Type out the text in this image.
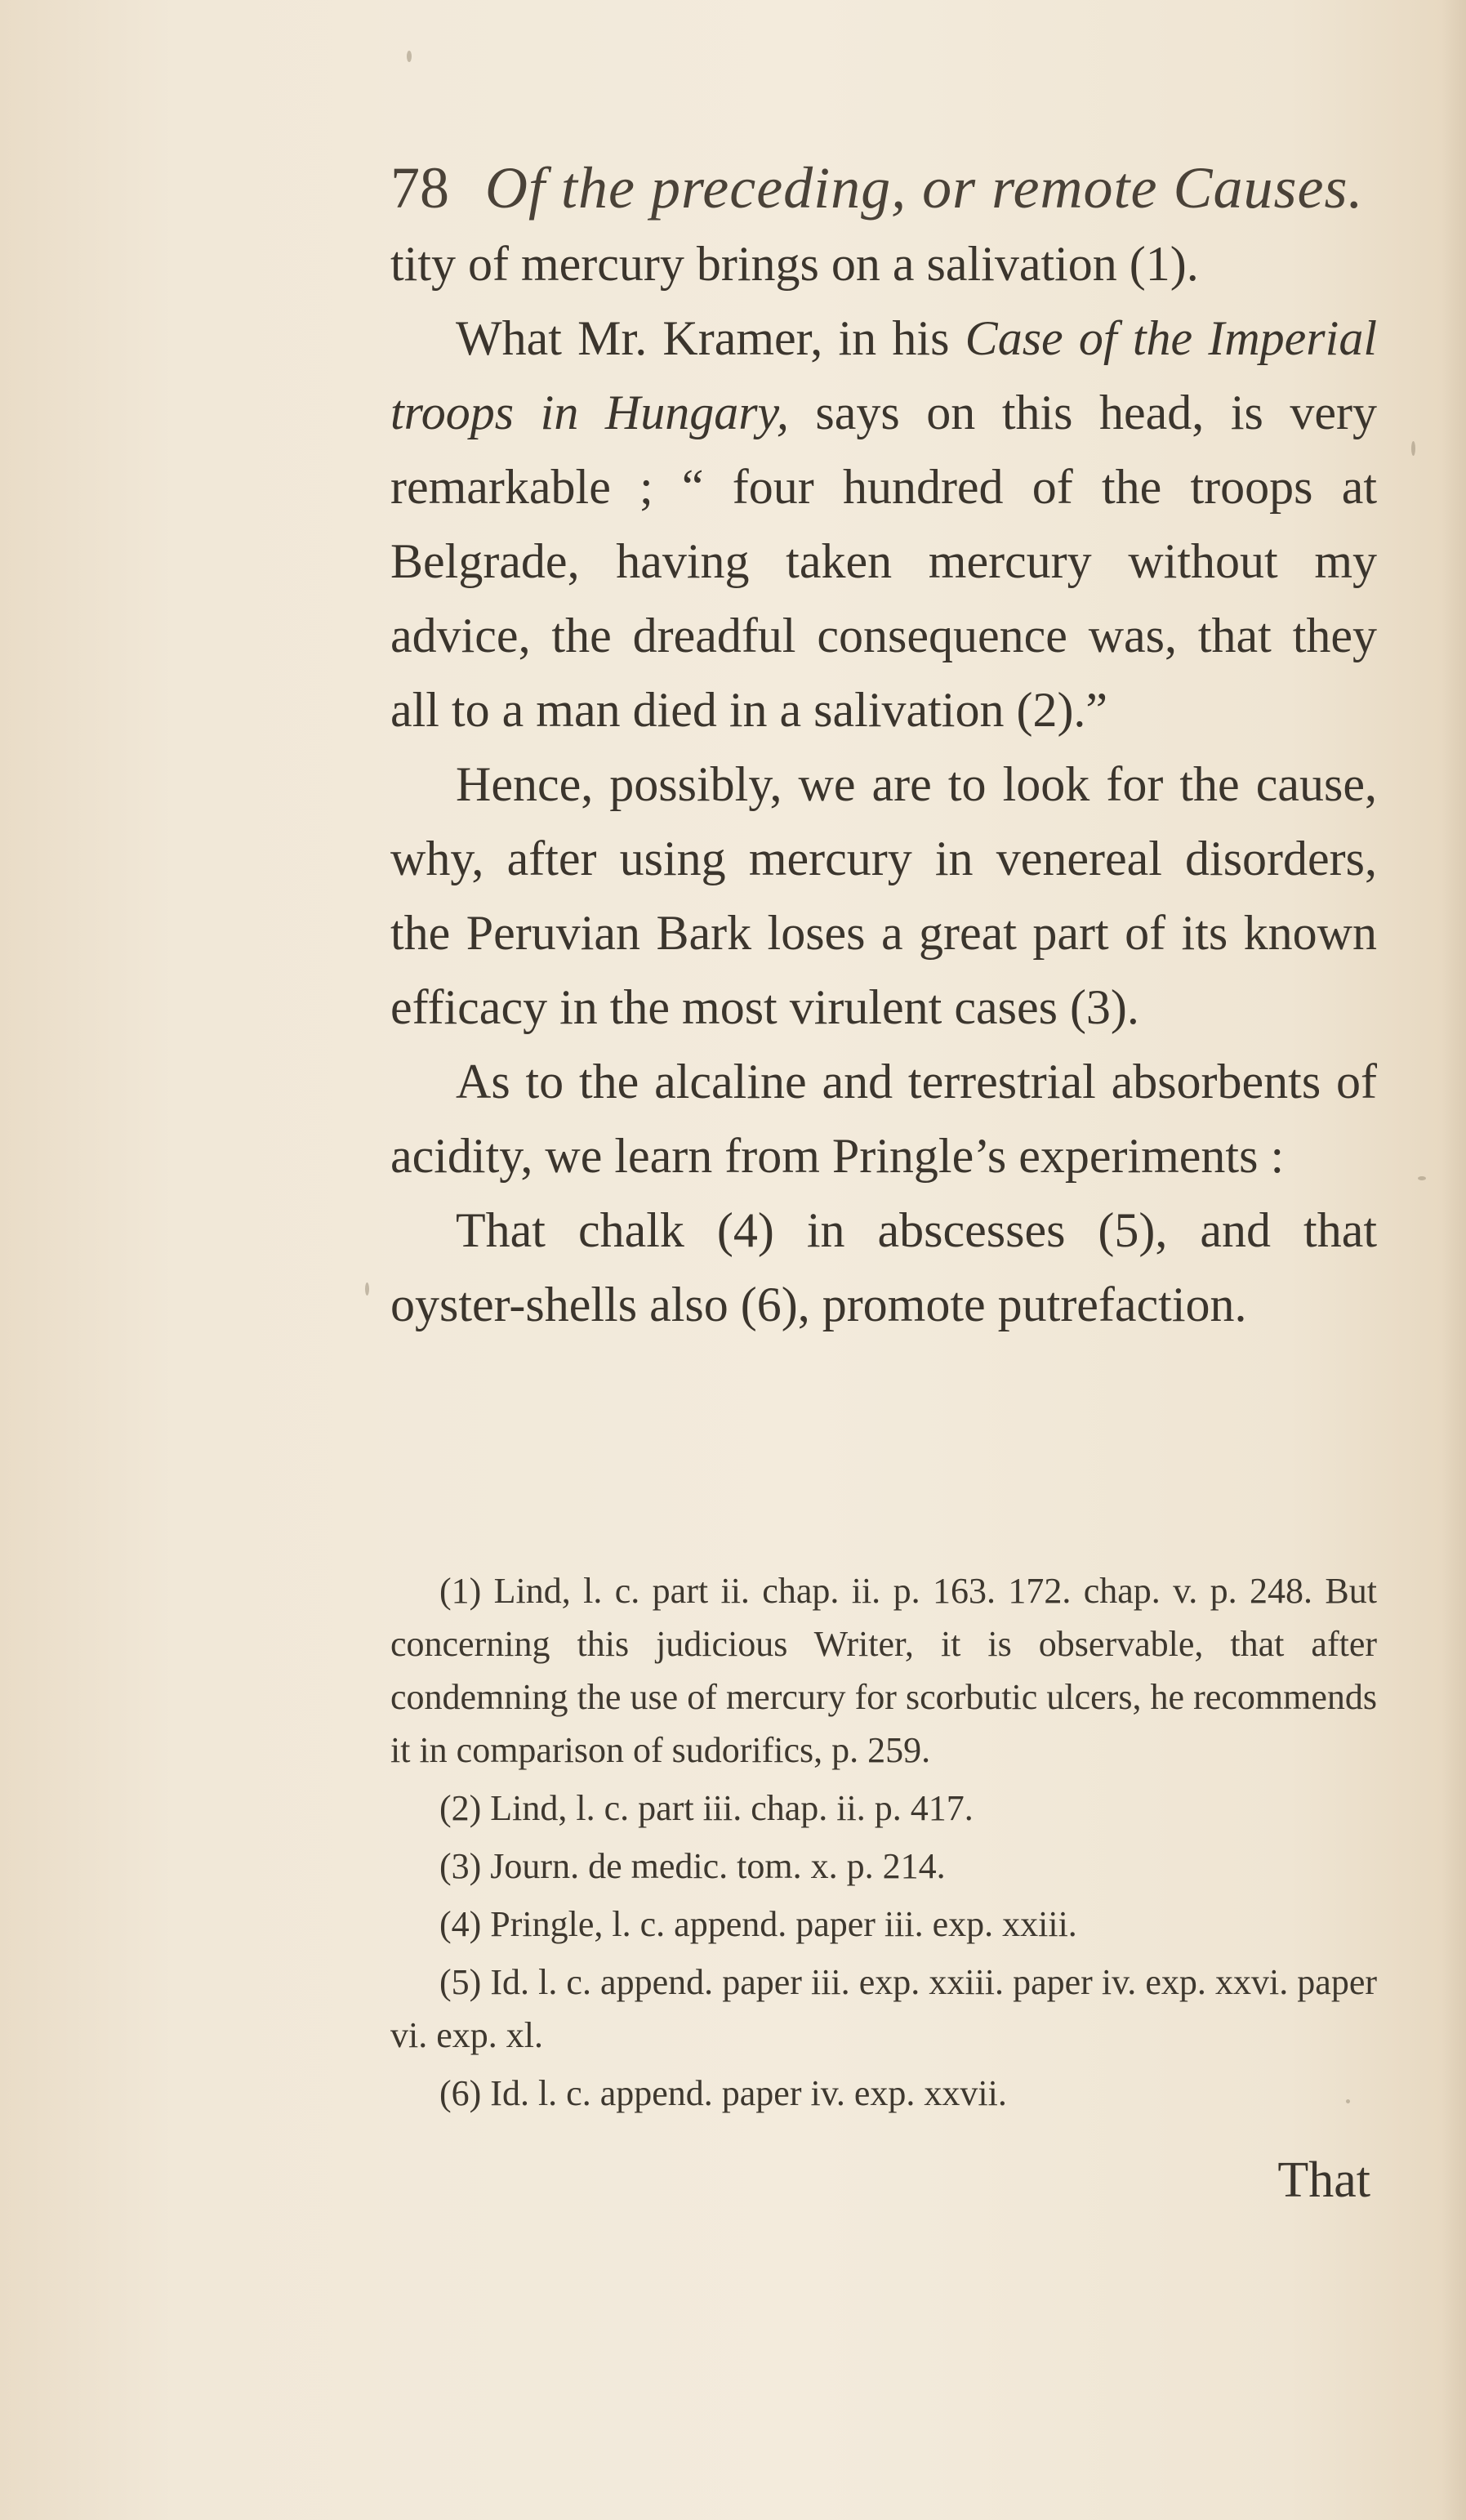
78 Of the preceding, or remote Causes.

tity of mercury brings on a salivation (1).

What Mr. Kramer, in his Case of the Imperial troops in Hungary, says on this head, is very remarkable ; “ four hundred of the troops at Belgrade, having taken mercury without my advice, the dreadful consequence was, that they all to a man died in a salivation (2).”

Hence, possibly, we are to look for the cause, why, after using mercury in venereal disorders, the Peruvian Bark loses a great part of its known efficacy in the most virulent cases (3).

As to the alcaline and terrestrial absorbents of acidity, we learn from Pringle’s experiments :

That chalk (4) in abscesses (5), and that oyster-shells also (6), promote putrefaction.

(1) Lind, l. c. part ii. chap. ii. p. 163. 172. chap. v. p. 248. But concerning this judicious Writer, it is observable, that after condemning the use of mercury for scorbutic ulcers, he recommends it in comparison of sudorifics, p. 259.

(2) Lind, l. c. part iii. chap. ii. p. 417.

(3) Journ. de medic. tom. x. p. 214.

(4) Pringle, l. c. append. paper iii. exp. xxiii.

(5) Id. l. c. append. paper iii. exp. xxiii. paper iv. exp. xxvi. paper vi. exp. xl.

(6) Id. l. c. append. paper iv. exp. xxvii.

That
